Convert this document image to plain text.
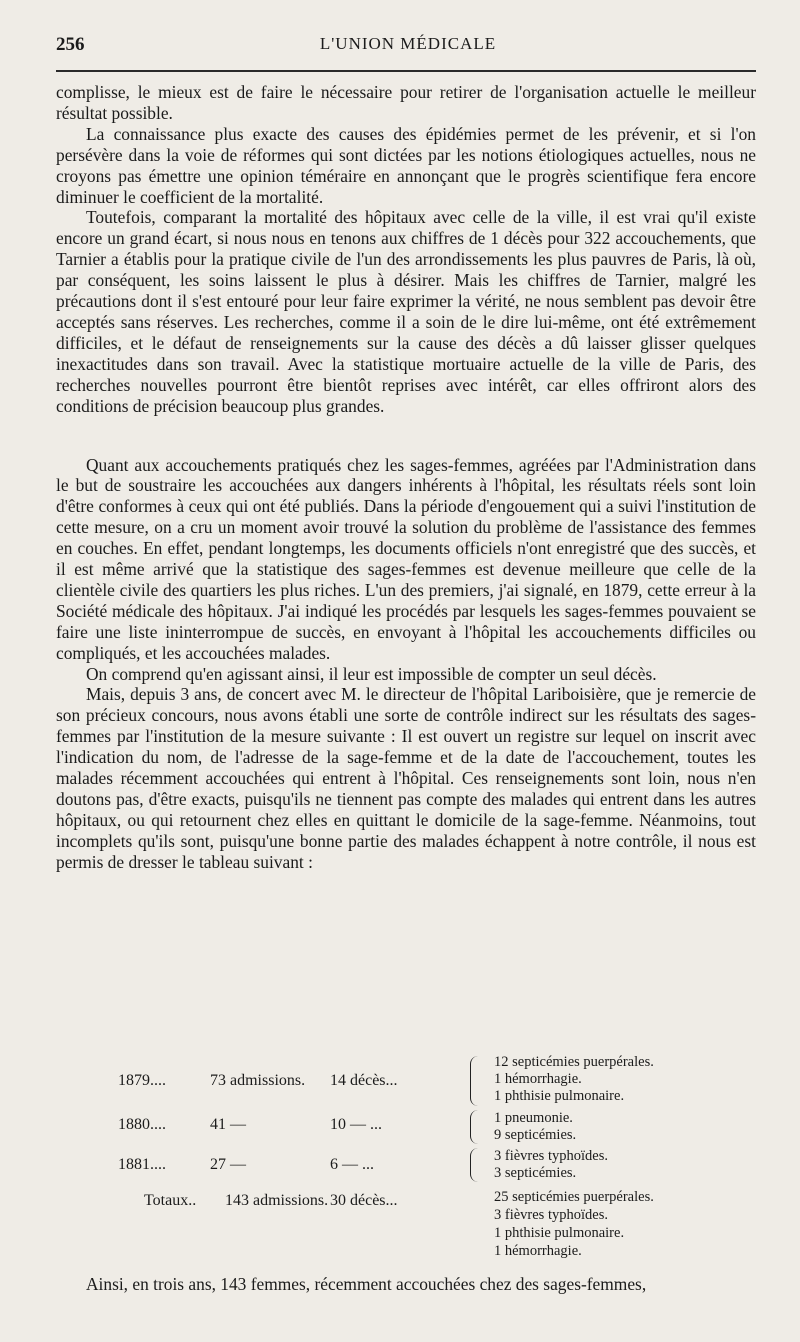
256	L'UNION MÉDICALE

complisse, le mieux est de faire le nécessaire pour retirer de l'organisation actuelle le meilleur résultat possible.

La connaissance plus exacte des causes des épidémies permet de les prévenir, et si l'on persévère dans la voie de réformes qui sont dictées par les notions étiologiques actuelles, nous ne croyons pas émettre une opinion téméraire en annonçant que le progrès scientifique fera encore diminuer le coefficient de la mortalité.

Toutefois, comparant la mortalité des hôpitaux avec celle de la ville, il est vrai qu'il existe encore un grand écart, si nous nous en tenons aux chiffres de 1 décès pour 322 accouchements, que Tarnier a établis pour la pratique civile de l'un des arrondissements les plus pauvres de Paris, là où, par conséquent, les soins laissent le plus à désirer. Mais les chiffres de Tarnier, malgré les précautions dont il s'est entouré pour leur faire exprimer la vérité, ne nous semblent pas devoir être acceptés sans réserves. Les recherches, comme il a soin de le dire lui-même, ont été extrêmement difficiles, et le défaut de renseignements sur la cause des décès a dû laisser glisser quelques inexactitudes dans son travail. Avec la statistique mortuaire actuelle de la ville de Paris, des recherches nouvelles pourront être bientôt reprises avec intérêt, car elles offriront alors des conditions de précision beaucoup plus grandes.

Quant aux accouchements pratiqués chez les sages-femmes, agréées par l'Administration dans le but de soustraire les accouchées aux dangers inhérents à l'hôpital, les résultats réels sont loin d'être conformes à ceux qui ont été publiés. Dans la période d'engouement qui a suivi l'institution de cette mesure, on a cru un moment avoir trouvé la solution du problème de l'assistance des femmes en couches. En effet, pendant longtemps, les documents officiels n'ont enregistré que des succès, et il est même arrivé que la statistique des sages-femmes est devenue meilleure que celle de la clientèle civile des quartiers les plus riches. L'un des premiers, j'ai signalé, en 1879, cette erreur à la Société médicale des hôpitaux. J'ai indiqué les procédés par lesquels les sages-femmes pouvaient se faire une liste ininterrompue de succès, en envoyant à l'hôpital les accouchements difficiles ou compliqués, et les accouchées malades.

On comprend qu'en agissant ainsi, il leur est impossible de compter un seul décès.

Mais, depuis 3 ans, de concert avec M. le directeur de l'hôpital Lariboisière, que je remercie de son précieux concours, nous avons établi une sorte de contrôle indirect sur les résultats des sages-femmes par l'institution de la mesure suivante : Il est ouvert un registre sur lequel on inscrit avec l'indication du nom, de l'adresse de la sage-femme et de la date de l'accouchement, toutes les malades récemment accouchées qui entrent à l'hôpital. Ces renseignements sont loin, nous n'en doutons pas, d'être exacts, puisqu'ils ne tiennent pas compte des malades qui entrent dans les autres hôpitaux, ou qui retournent chez elles en quittant le domicile de la sage-femme. Néanmoins, tout incomplets qu'ils sont, puisqu'une bonne partie des malades échappent à notre contrôle, il nous est permis de dresser le tableau suivant :

1879....	73 admissions. 14 décès...
12 septicémies puerpérales.
1 hémorrhagie.
1 phthisie pulmonaire.
1880....	41 —	10 — ...	1 pneumonie.
9 septicémies.
1881....	27 —	6 — ...	3 fièvres typhoïdes.
3 septicémies.
Totaux.. 143 admissions. 30 décès...	25 septicémies puerpérales.
3 fièvres typhoïdes.
1 phthisie pulmonaire.
1 hémorrhagie.
Ainsi, en trois ans, 143 femmes, récemment accouchées chez des sages-femmes,
